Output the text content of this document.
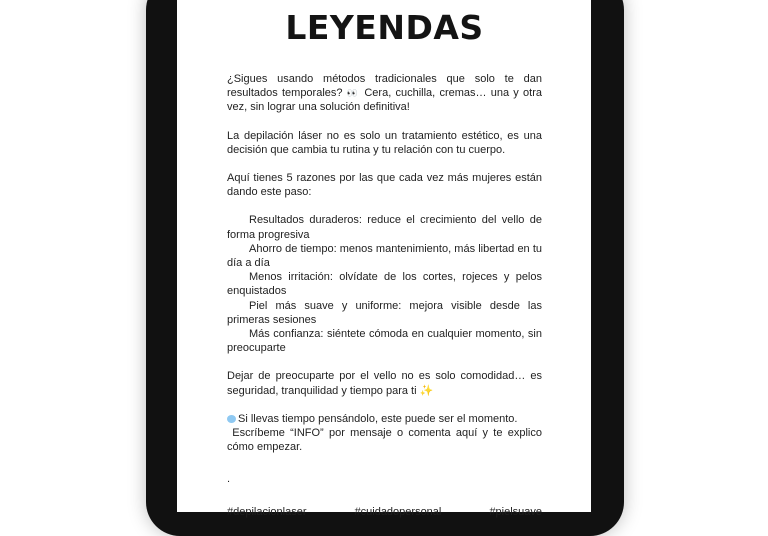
LEYENDAS

¿Sigues usando métodos tradicionales que solo te dan resultados temporales? 👀 Cera, cuchilla, cremas… una y otra vez, sin lograr una solución definitiva!

La depilación láser no es solo un tratamiento estético, es una decisión que cambia tu rutina y tu relación con tu cuerpo.

Aquí tienes 5 razones por las que cada vez más mujeres están dando este paso:

Resultados duraderos: reduce el crecimiento del vello de forma progresiva
Ahorro de tiempo: menos mantenimiento, más libertad en tu día a día
Menos irritación: olvídate de los cortes, rojeces y pelos enquistados
Piel más suave y uniforme: mejora visible desde las primeras sesiones
Más confianza: siéntete cómoda en cualquier momento, sin preocuparte

Dejar de preocuparte por el vello no es solo comodidad… es seguridad, tranquilidad y tiempo para ti ✨

Si llevas tiempo pensándolo, este puede ser el momento.
Escríbeme “INFO” por mensaje o comenta aquí y te explico cómo empezar.

.
#depilacionlaser	#cuidadopersonal	#pielsuave
